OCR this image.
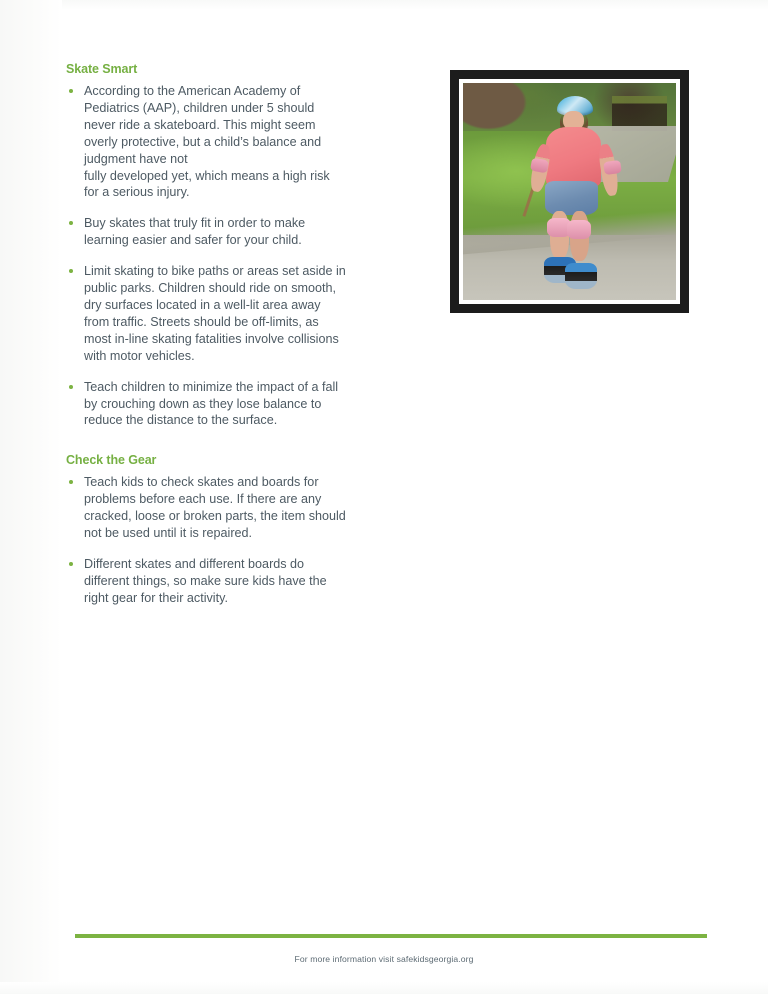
Skate Smart
According to the American Academy of
Pediatrics (AAP), children under 5 should
never ride a skateboard. This might seem
overly protective, but a child’s balance and
judgment have not
fully developed yet, which means a high risk
for a serious injury.
Buy skates that truly fit in order to make
learning easier and safer for your child.
Limit skating to bike paths or areas set aside in
public parks. Children should ride on smooth,
dry surfaces located in a well-lit area away
from traffic. Streets should be off-limits, as
most in-line skating fatalities involve collisions
with motor vehicles.
Teach children to minimize the impact of a fall
by crouching down as they lose balance to
reduce the distance to the surface.
Check the Gear
Teach kids to check skates and boards for
problems before each use. If there are any
cracked, loose or broken parts, the item should
not be used until it is repaired.
Different skates and different boards do
different things, so make sure kids have the
right gear for their activity.
For more information visit safekidsgeorgia.org
